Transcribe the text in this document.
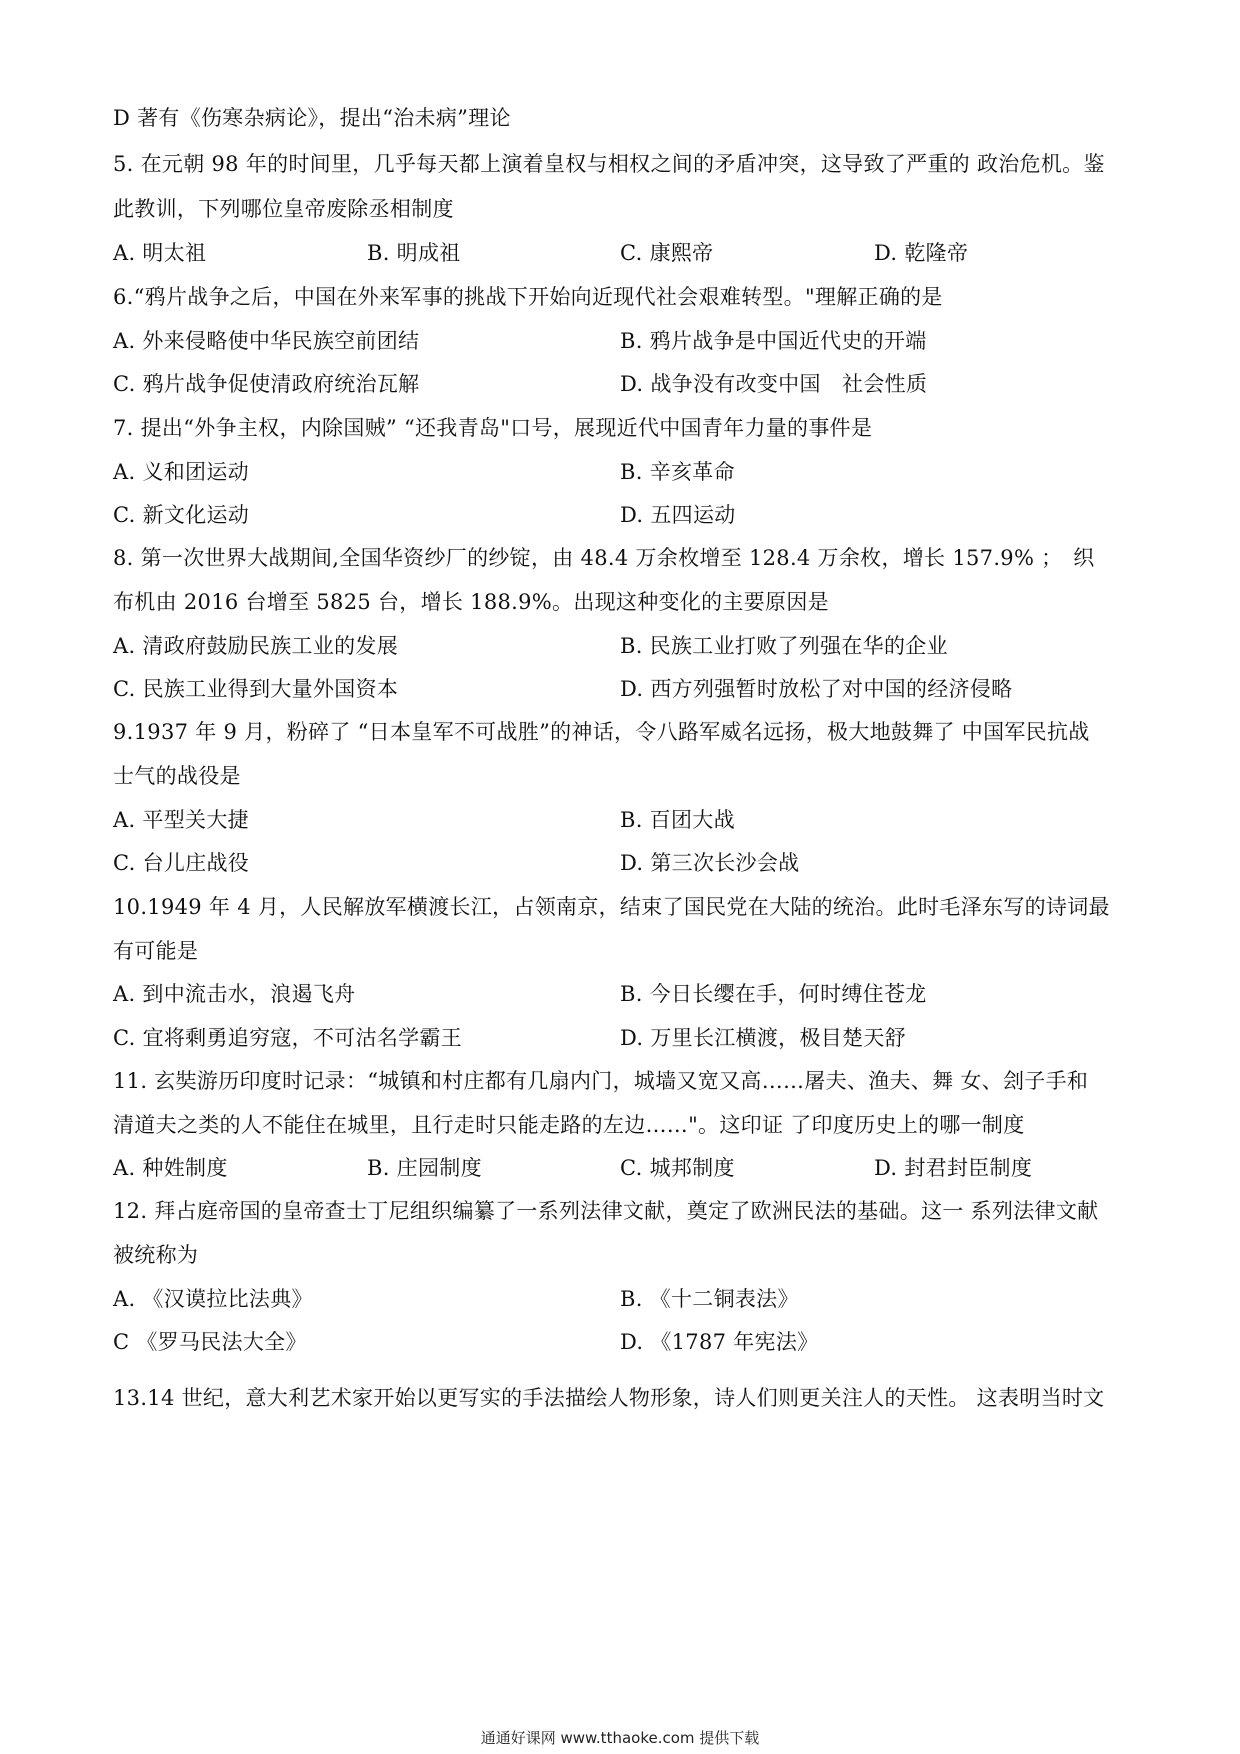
D 著有《伤寒杂病论》，提出“治未病”理论
5. 在元朝 98 年的时间里，几乎每天都上演着皇权与相权之间的矛盾冲突，这导致了严重的 政治危机。鉴
此教训，下列哪位皇帝废除丞相制度
A. 明太祖	B. 明成祖	C. 康熙帝	D. 乾隆帝
6.“鸦片战争之后，中国在外来军事的挑战下开始向近现代社会艰难转型。"理解正确的是
A. 外来侵略使中华民族空前团结	B. 鸦片战争是中国近代史的开端
C. 鸦片战争促使清政府统治瓦解	D. 战争没有改变中国　社会性质
7. 提出“外争主权，内除国贼” “还我青岛"口号，展现近代中国青年力量的事件是
A. 义和团运动	B. 辛亥革命
C. 新文化运动	D. 五四运动
8. 第一次世界大战期间,全国华资纱厂的纱锭，由 48.4 万余枚增至 128.4 万余枚，增长 157.9% ；　织
布机由 2016 台增至 5825 台，增长 188.9%。出现这种变化的主要原因是
A. 清政府鼓励民族工业的发展	B. 民族工业打败了列强在华的企业
C. 民族工业得到大量外国资本	D. 西方列强暂时放松了对中国的经济侵略
9.1937 年 9 月，粉碎了 “日本皇军不可战胜”的神话，令八路军威名远扬，极大地鼓舞了 中国军民抗战
士气的战役是
A. 平型关大捷	B. 百团大战
C. 台儿庄战役	D. 第三次长沙会战
10.1949 年 4 月，人民解放军横渡长江，占领南京，结束了国民党在大陆的统治。此时毛泽东写的诗词最
有可能是
A. 到中流击水，浪遏飞舟	B. 今日长缨在手，何时缚住苍龙
C. 宜将剩勇追穷寇，不可沽名学霸王	D. 万里长江横渡，极目楚天舒
11. 玄奘游历印度时记录：“城镇和村庄都有几扇内门，城墙又宽又高……屠夫、渔夫、舞 女、刽子手和
清道夫之类的人不能住在城里，且行走时只能走路的左边……"。这印证 了印度历史上的哪一制度
A. 种姓制度	B. 庄园制度	C. 城邦制度	D. 封君封臣制度
12. 拜占庭帝国的皇帝查士丁尼组织编纂了一系列法律文献，奠定了欧洲民法的基础。这一 系列法律文献
被统称为
A. 《汉谟拉比法典》	B. 《十二铜表法》
C 《罗马民法大全》	D. 《1787 年宪法》
13.14 世纪，意大利艺术家开始以更写实的手法描绘人物形象，诗人们则更关注人的天性。 这表明当时文
通通好课网 www.tthaoke.com 提供下载
